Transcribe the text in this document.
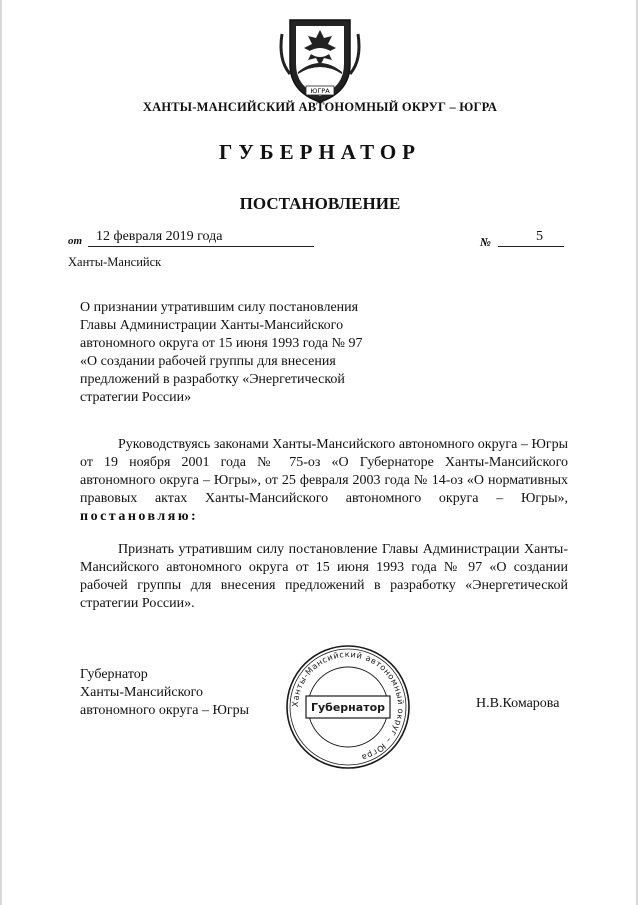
ЮГРА
ХАНТЫ-МАНСИЙСКИЙ АВТОНОМНЫЙ ОКРУГ – ЮГРА
ГУБЕРНАТОР
ПОСТАНОВЛЕНИЕ
от 12 февраля 2019 года	№	5
Ханты-Мансийск
О признании утратившим силу постановления
Главы Администрации Ханты-Мансийского
автономного округа от 15 июня 1993 года № 97
«О создании рабочей группы для внесения
предложений в разработку «Энергетической
стратегии России»
Руководствуясь законами Ханты-Мансийского автономного округа – Югры от 19 ноября 2001 года № 75-оз «О Губернаторе Ханты-Мансийского автономного округа – Югры», от 25 февраля 2003 года № 14-оз «О нормативных правовых актах Ханты-Мансийского автономного округа – Югры», постановляю:
Признать утратившим силу постановление Главы Администрации Ханты-Мансийского автономного округа от 15 июня 1993 года № 97 «О создании рабочей группы для внесения предложений в разработку «Энергетической стратегии России».
Губернатор
Ханты-Мансийского
автономного округа – Югры	Ханты-Мансийский автономный округ – Югра
Губернатор	Н.В.Комарова
